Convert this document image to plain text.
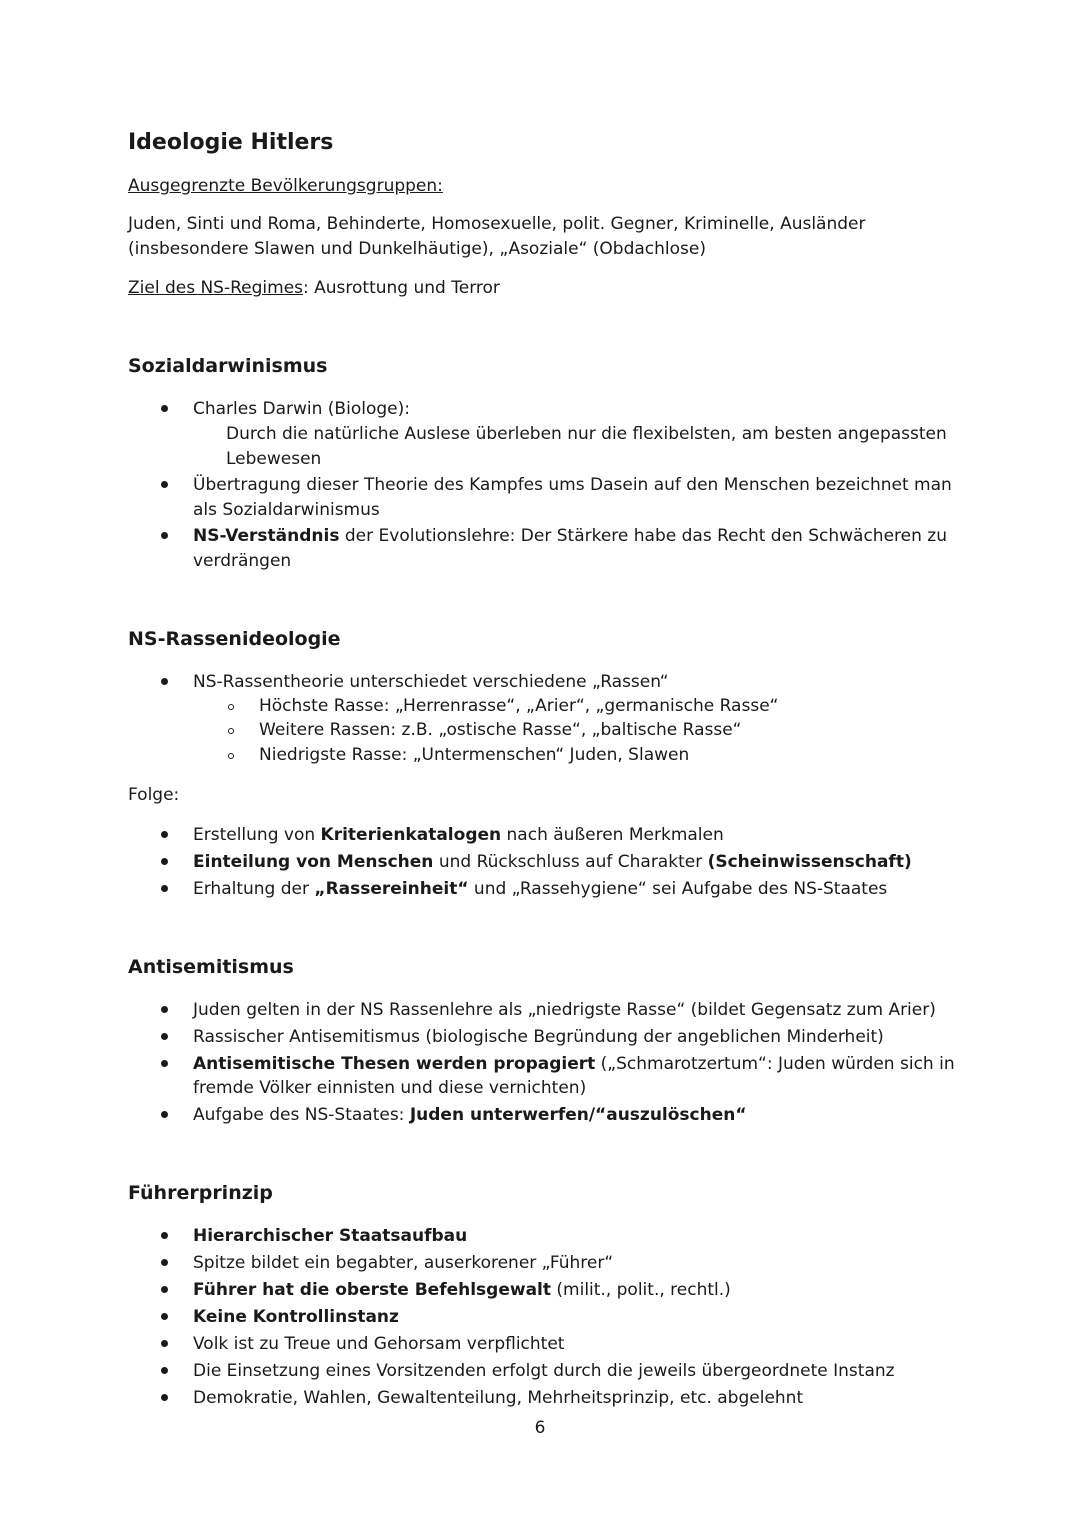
Ideologie Hitlers
Ausgegrenzte Bevölkerungsgruppen:
Juden, Sinti und Roma, Behinderte, Homosexuelle, polit. Gegner, Kriminelle, Ausländer
(insbesondere Slawen und Dunkelhäutige), „Asoziale“ (Obdachlose)
Ziel des NS-Regimes: Ausrottung und Terror
Sozialdarwinismus
Charles Darwin (Biologe):
Durch die natürliche Auslese überleben nur die flexibelsten, am besten angepassten
Lebewesen
Übertragung dieser Theorie des Kampfes ums Dasein auf den Menschen bezeichnet man
als Sozialdarwinismus
NS-Verständnis der Evolutionslehre: Der Stärkere habe das Recht den Schwächeren zu
verdrängen
NS-Rassenideologie
NS-Rassentheorie unterschiedet verschiedene „Rassen“
Höchste Rasse: „Herrenrasse“, „Arier“, „germanische Rasse“
Weitere Rassen: z.B. „ostische Rasse“, „baltische Rasse“
Niedrigste Rasse: „Untermenschen“ Juden, Slawen
Folge:
Erstellung von Kriterienkatalogen nach äußeren Merkmalen
Einteilung von Menschen und Rückschluss auf Charakter (Scheinwissenschaft)
Erhaltung der „Rassereinheit“ und „Rassehygiene“ sei Aufgabe des NS-Staates
Antisemitismus
Juden gelten in der NS Rassenlehre als „niedrigste Rasse“ (bildet Gegensatz zum Arier)
Rassischer Antisemitismus (biologische Begründung der angeblichen Minderheit)
Antisemitische Thesen werden propagiert („Schmarotzertum“: Juden würden sich in
fremde Völker einnisten und diese vernichten)
Aufgabe des NS-Staates: Juden unterwerfen/“auszulöschen“
Führerprinzip
Hierarchischer Staatsaufbau
Spitze bildet ein begabter, auserkorener „Führer“
Führer hat die oberste Befehlsgewalt (milit., polit., rechtl.)
Keine Kontrollinstanz
Volk ist zu Treue und Gehorsam verpflichtet
Die Einsetzung eines Vorsitzenden erfolgt durch die jeweils übergeordnete Instanz
Demokratie, Wahlen, Gewaltenteilung, Mehrheitsprinzip, etc. abgelehnt
6
